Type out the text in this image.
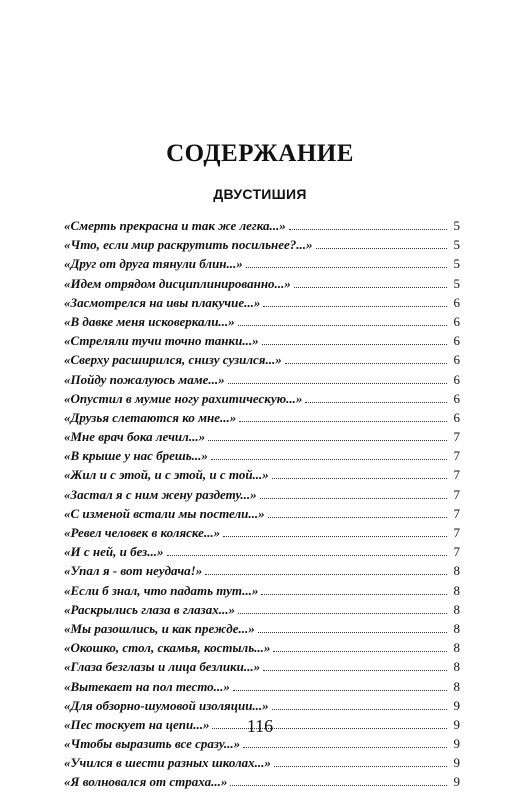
СОДЕРЖАНИЕ
ДВУСТИШИЯ
«Смерть прекрасна и так же легка...»	5
«Что, если мир раскрутить посильнее?...»	5
«Друг от друга тянули блин...»	5
«Идем отрядом дисциплинированно...»	5
«Засмотрелся на ивы плакучие...»	6
«В давке меня исковеркали...»	6
«Стреляли тучи точно танки...»	6
«Сверху расширился, снизу сузился...»	6
«Пойду пожалуюсь маме...»	6
«Опустил в мумие ногу рахитическую...»	6
«Друзья слетаются ко мне...»	6
«Мне врач бока лечил...»	7
«В крыше у нас брешь...»	7
«Жил и с этой, и с этой, и с той...»	7
«Застал я с ним жену раздету...»	7
«С изменой встали мы постели...»	7
«Ревел человек в коляске...»	7
«И с ней, и без...»	7
«Упал я - вот неудача!»	8
«Если б знал, что падать тут...»	8
«Раскрылись глаза в глазах...»	8
«Мы разошлись, и как прежде...»	8
«Окошко, стол, скамья, костыль...»	8
«Глаза безглазы и лица безлики...»	8
«Вытекает на пол тесто...»	8
«Для обзорно-шумовой изоляции...»	9
«Пес тоскует на цепи...»	9
«Чтобы выразить все сразу...»	9
«Учился в шести разных школах...»	9
«Я волновался от страха...»	9
116
